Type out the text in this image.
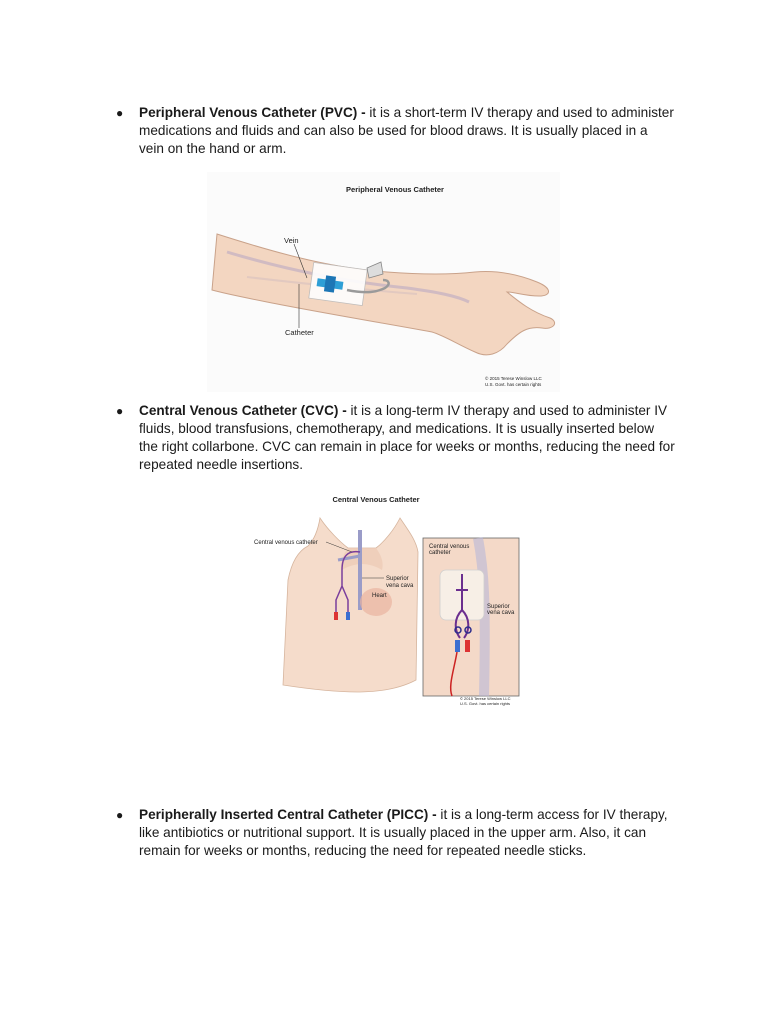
●	Peripheral Venous Catheter (PVC) - it is a short-term IV therapy and used to administer medications and fluids and can also be used for blood draws. It is usually placed in a vein on the hand or arm.
Peripheral Venous Catheter
Vein
Catheter
© 2015 Terese Winslow LLC
U.S. Govt. has certain rights
●	Central Venous Catheter (CVC) - it is a long-term IV therapy and used to administer IV fluids, blood transfusions, chemotherapy, and medications. It is usually inserted below the right collarbone. CVC can remain in place for weeks or months, reducing the need for repeated needle insertions.
Central Venous Catheter
Central venous catheter
Superior
vena cava
Heart
Central venous
catheter
Superior
vena cava
© 2015 Terese Winslow LLC
U.S. Govt. has certain rights
●	Peripherally Inserted Central Catheter (PICC) - it is a long-term access for IV therapy, like antibiotics or nutritional support. It is usually placed in the upper arm. Also, it can remain for weeks or months, reducing the need for repeated needle sticks.
